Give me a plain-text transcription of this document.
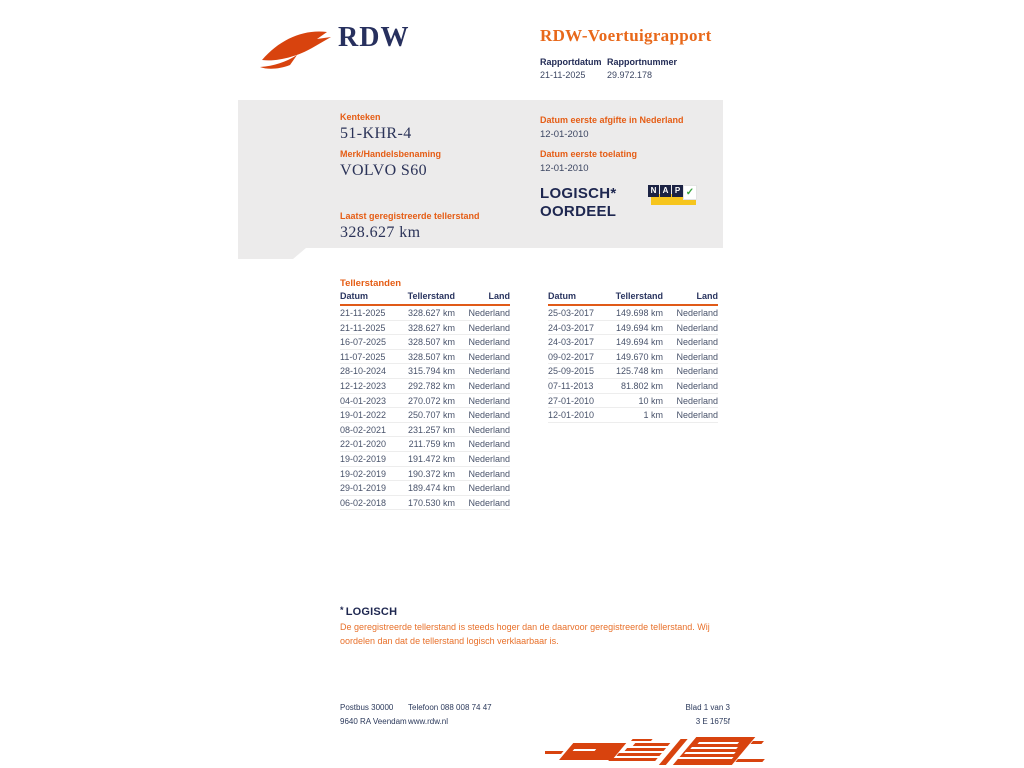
RDW	RDW-Voertuigrapport
Rapportdatum
21-11-2025
Rapportnummer
29.972.178
Kenteken
51-KHR-4
Merk/Handelsbenaming
VOLVO S60
Laatst geregistreerde tellerstand
328.627 km
Datum eerste afgifte in Nederland
12-01-2010
Datum eerste toelating
12-01-2010
LOGISCH*
OORDEEL
N A P ✓
Tellerstanden
Datum	Tellerstand	Land
21-11-2025	328.627 km	Nederland
21-11-2025	328.627 km	Nederland
16-07-2025	328.507 km	Nederland
11-07-2025	328.507 km	Nederland
28-10-2024	315.794 km	Nederland
12-12-2023	292.782 km	Nederland
04-01-2023	270.072 km	Nederland
19-01-2022	250.707 km	Nederland
08-02-2021	231.257 km	Nederland
22-01-2020	211.759 km	Nederland
19-02-2019	191.472 km	Nederland
19-02-2019	190.372 km	Nederland
29-01-2019	189.474 km	Nederland
06-02-2018	170.530 km	Nederland
Datum	Tellerstand	Land
25-03-2017	149.698 km	Nederland
24-03-2017	149.694 km	Nederland
24-03-2017	149.694 km	Nederland
09-02-2017	149.670 km	Nederland
25-09-2015	125.748 km	Nederland
07-11-2013	81.802 km	Nederland
27-01-2010	10 km	Nederland
12-01-2010	1 km	Nederland
* LOGISCH
De geregistreerde tellerstand is steeds hoger dan de daarvoor geregistreerde tellerstand. Wij oordelen dan dat de tellerstand logisch verklaarbaar is.
Postbus 30000
9640 RA Veendam
Telefoon 088 008 74 47
www.rdw.nl
Blad 1 van 3
3 E 1675f
